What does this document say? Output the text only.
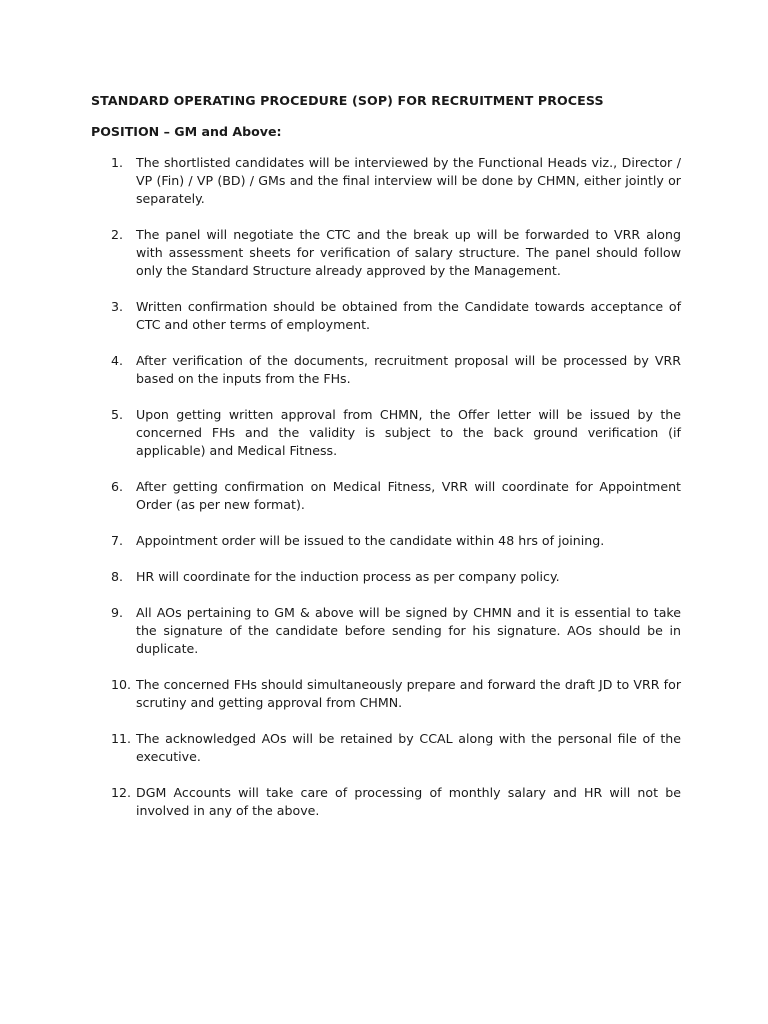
STANDARD OPERATING PROCEDURE (SOP) FOR RECRUITMENT PROCESS
POSITION – GM and Above:
1. The shortlisted candidates will be interviewed by the Functional Heads viz., Director / VP (Fin) / VP (BD) / GMs and the final interview will be done by CHMN, either jointly or separately.
2. The panel will negotiate the CTC and the break up will be forwarded to VRR along with assessment sheets for verification of salary structure. The panel should follow only the Standard Structure already approved by the Management.
3. Written confirmation should be obtained from the Candidate towards acceptance of CTC and other terms of employment.
4. After verification of the documents, recruitment proposal will be processed by VRR based on the inputs from the FHs.
5. Upon getting written approval from CHMN, the Offer letter will be issued by the concerned FHs and the validity is subject to the back ground verification (if applicable) and Medical Fitness.
6. After getting confirmation on Medical Fitness, VRR will coordinate for Appointment Order (as per new format).
7. Appointment order will be issued to the candidate within 48 hrs of joining.
8. HR will coordinate for the induction process as per company policy.
9. All AOs pertaining to GM & above will be signed by CHMN and it is essential to take the signature of the candidate before sending for his signature. AOs should be in duplicate.
10. The concerned FHs should simultaneously prepare and forward the draft JD to VRR for scrutiny and getting approval from CHMN.
11. The acknowledged AOs will be retained by CCAL along with the personal file of the executive.
12. DGM Accounts will take care of processing of monthly salary and HR will not be involved in any of the above.
